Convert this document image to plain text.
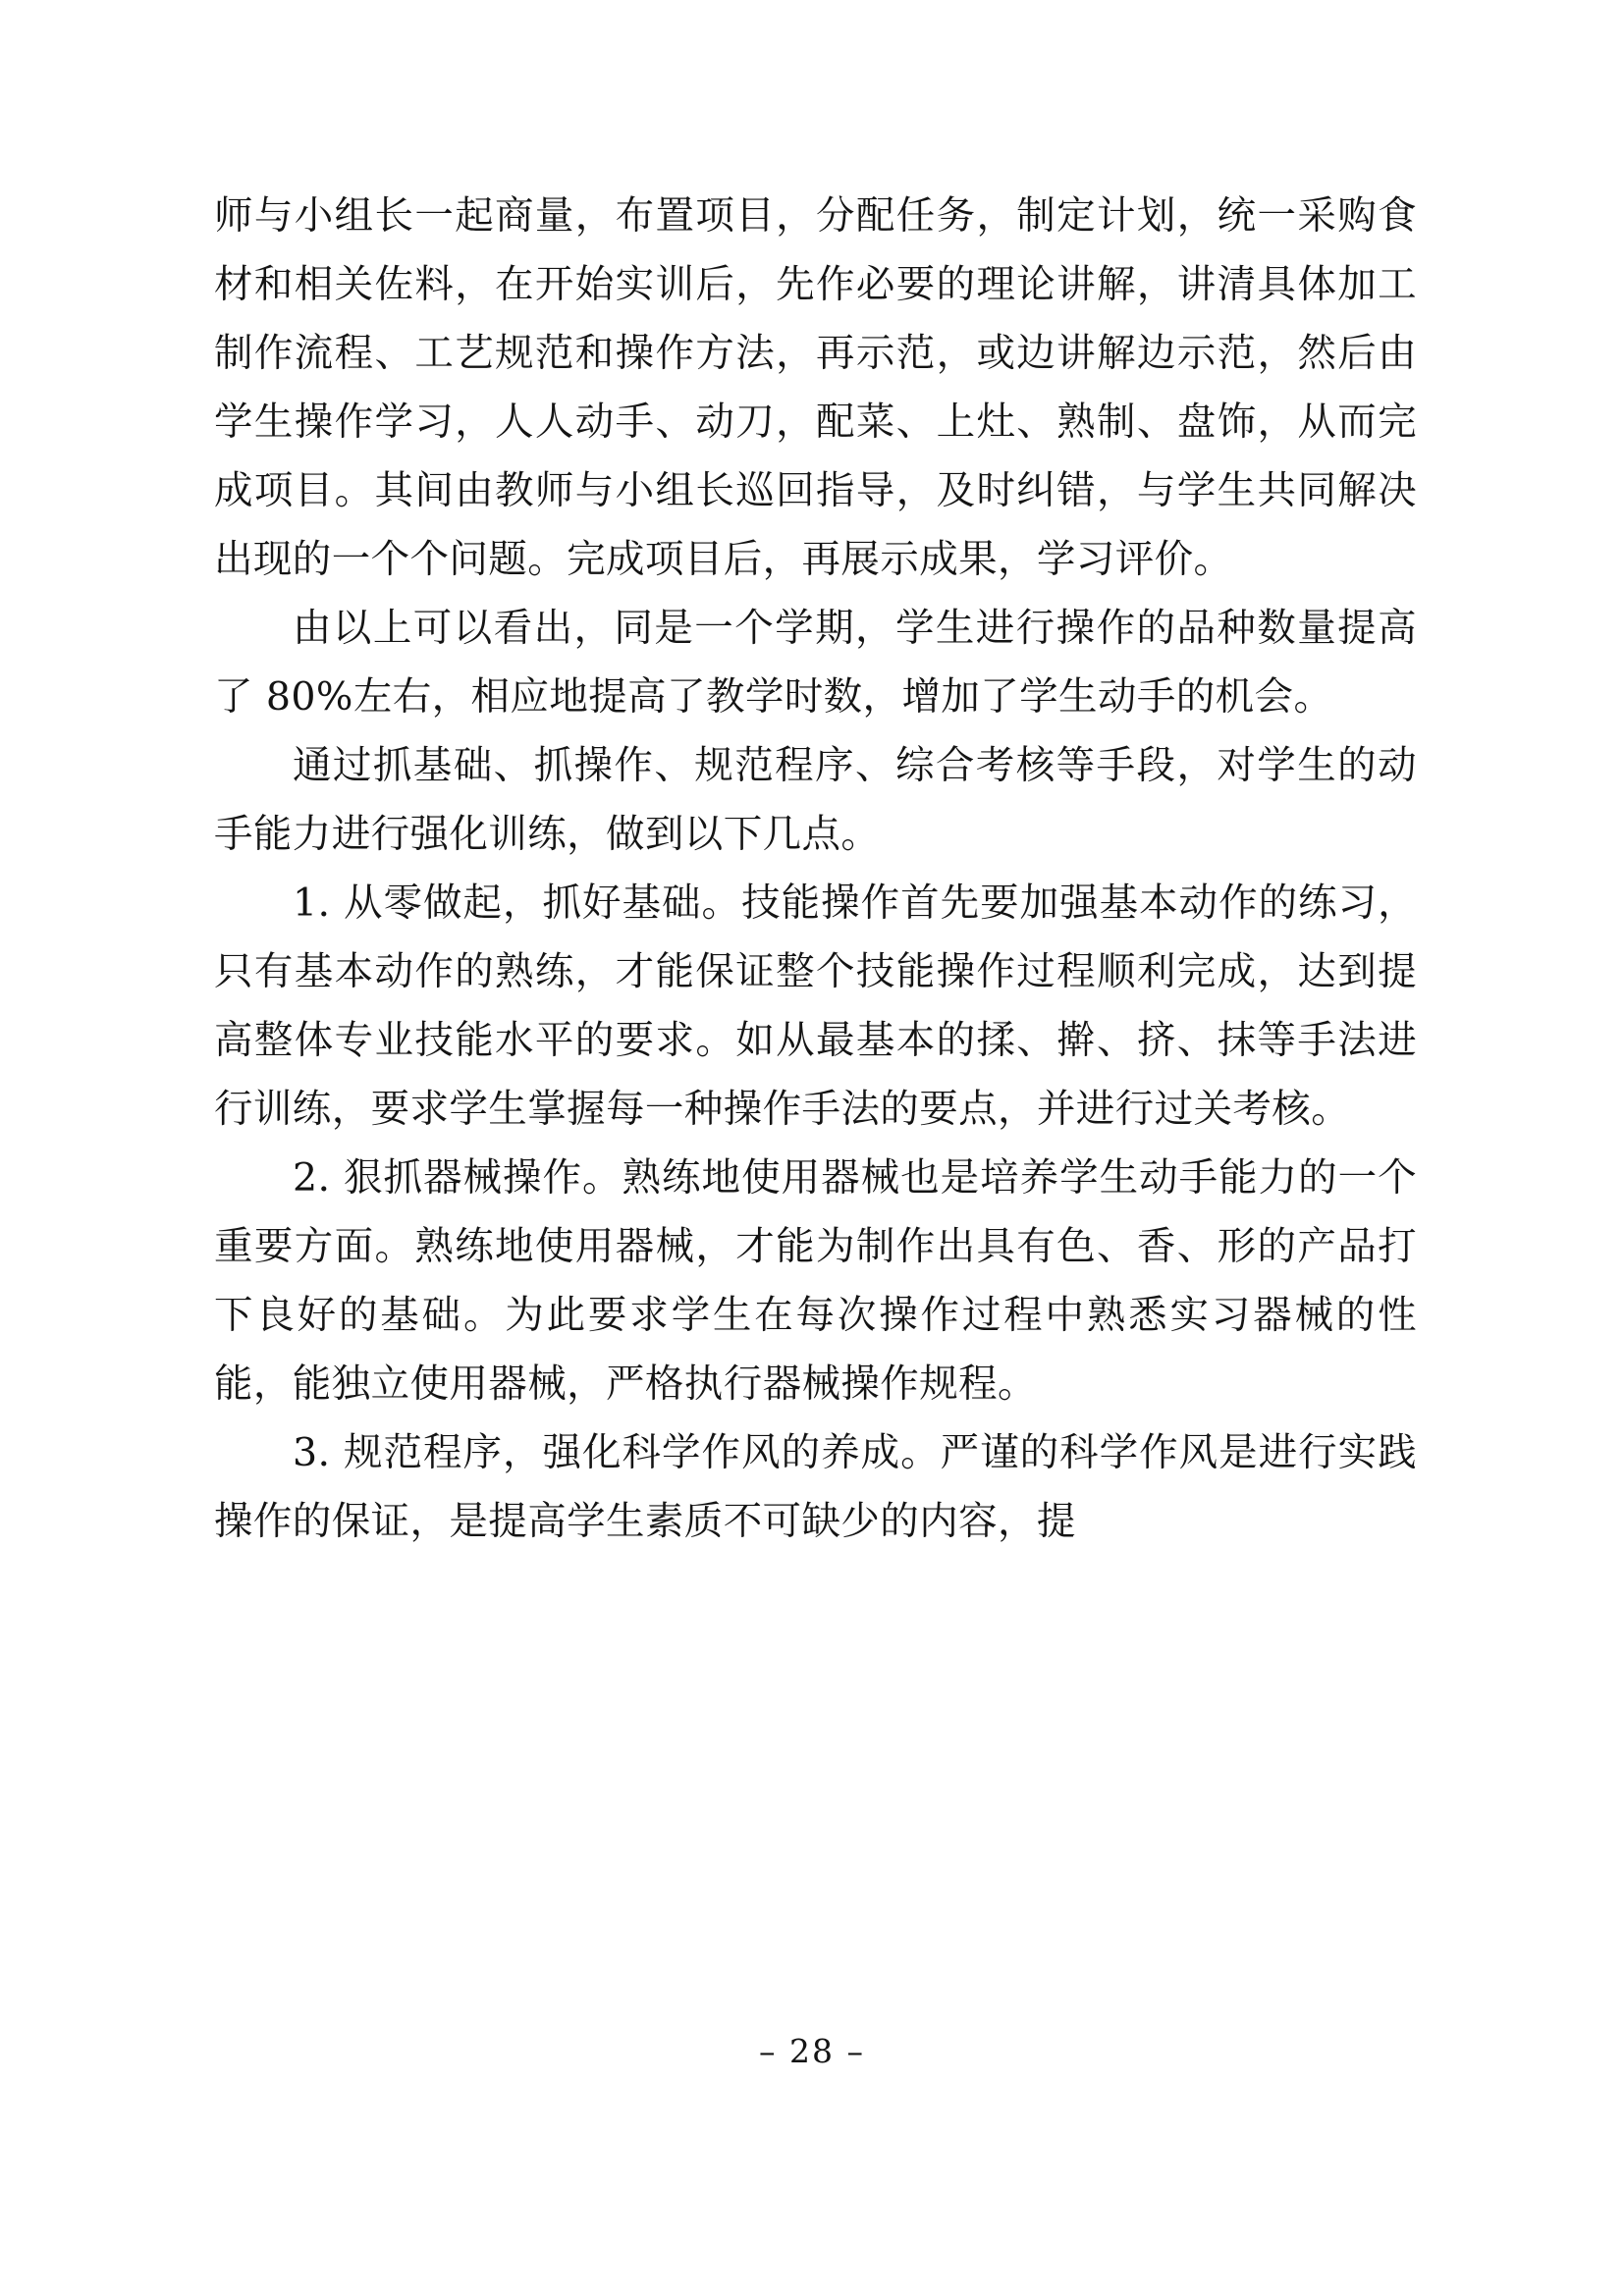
师与小组长一起商量，布置项目，分配任务，制定计划，统一采购食材和相关佐料，在开始实训后，先作必要的理论讲解，讲清具体加工制作流程、工艺规范和操作方法，再示范，或边讲解边示范，然后由学生操作学习，人人动手、动刀，配菜、上灶、熟制、盘饰，从而完成项目。其间由教师与小组长巡回指导，及时纠错，与学生共同解决出现的一个个问题。完成项目后，再展示成果，学习评价。

由以上可以看出，同是一个学期，学生进行操作的品种数量提高了 80%左右，相应地提高了教学时数，增加了学生动手的机会。

通过抓基础、抓操作、规范程序、综合考核等手段，对学生的动手能力进行强化训练，做到以下几点。

1. 从零做起，抓好基础。技能操作首先要加强基本动作的练习，只有基本动作的熟练，才能保证整个技能操作过程顺利完成，达到提高整体专业技能水平的要求。如从最基本的揉、擀、挤、抹等手法进行训练，要求学生掌握每一种操作手法的要点，并进行过关考核。

2. 狠抓器械操作。熟练地使用器械也是培养学生动手能力的一个重要方面。熟练地使用器械，才能为制作出具有色、香、形的产品打下良好的基础。为此要求学生在每次操作过程中熟悉实习器械的性能，能独立使用器械，严格执行器械操作规程。

3. 规范程序，强化科学作风的养成。严谨的科学作风是进行实践操作的保证，是提高学生素质不可缺少的内容，提

– 28 –
